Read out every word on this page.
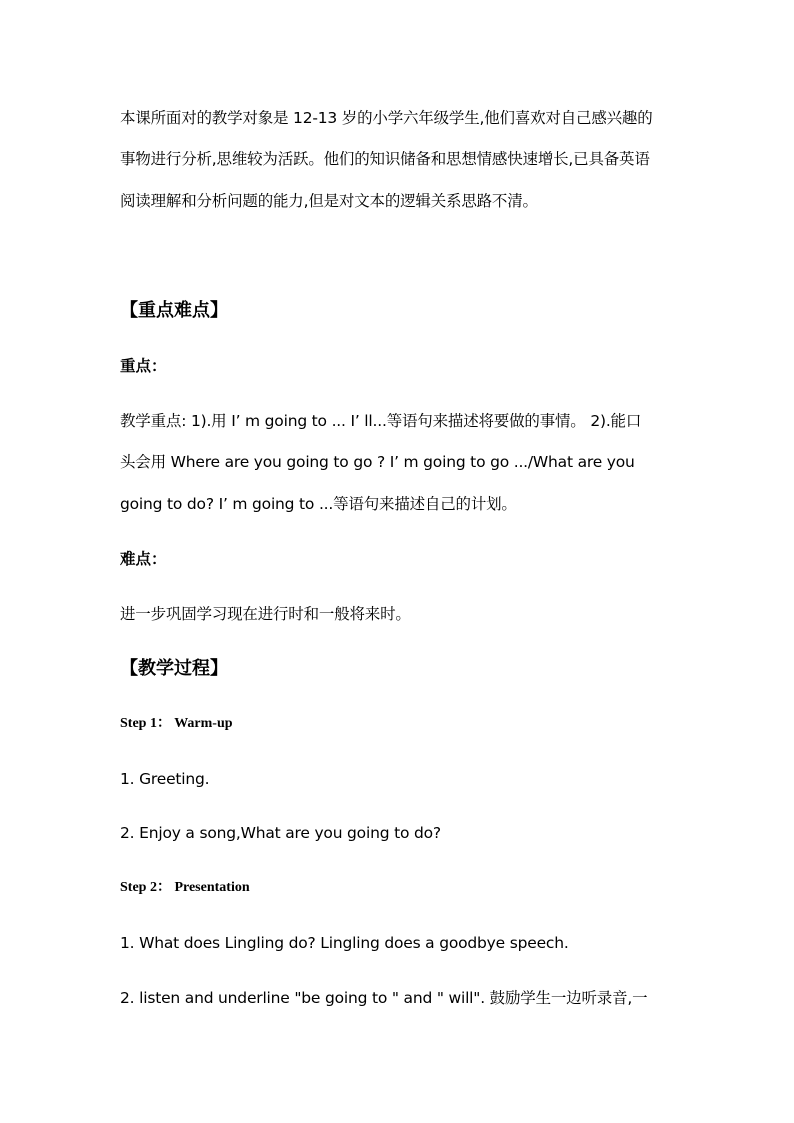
本课所面对的教学对象是 12-13 岁的小学六年级学生,他们喜欢对自己感兴趣的

事物进行分析,思维较为活跃。他们的知识储备和思想情感快速增长,已具备英语

阅读理解和分析问题的能力,但是对文本的逻辑关系思路不清。

【重点难点】
重点：

教学重点: 1).用 I’ m going to ... I’ ll...等语句来描述将要做的事情。 2).能口

头会用 Where are you going to go ? I’ m going to go .../What are you

going to do? I’ m going to ...等语句来描述自己的计划。

难点：

进一步巩固学习现在进行时和一般将来时。

【教学过程】
Step 1： Warm-up

1. Greeting.

2. Enjoy a song,What are you going to do?

Step 2： Presentation

1. What does Lingling do? Lingling does a goodbye speech.

2. listen and underline "be going to " and " will". 鼓励学生一边听录音,一
